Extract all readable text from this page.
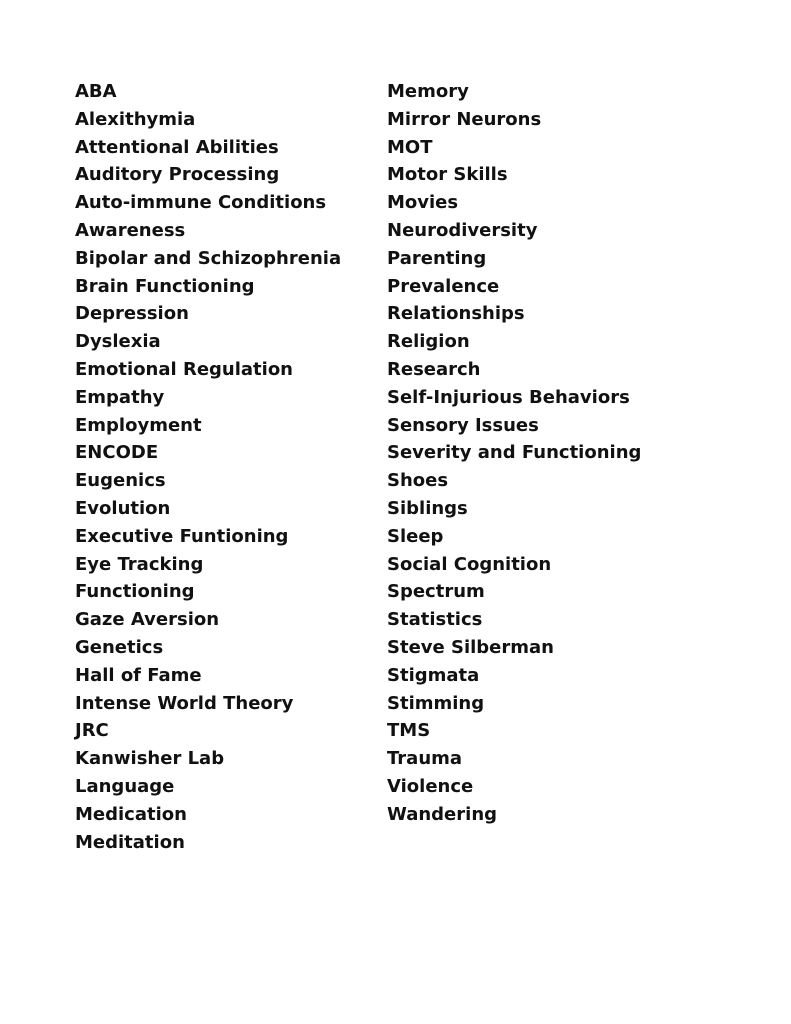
ABA
Alexithymia
Attentional Abilities
Auditory Processing
Auto-immune Conditions
Awareness
Bipolar and Schizophrenia
Brain Functioning
Depression
Dyslexia
Emotional Regulation
Empathy
Employment
ENCODE
Eugenics
Evolution
Executive Funtioning
Eye Tracking
Functioning
Gaze Aversion
Genetics
Hall of Fame
Intense World Theory
JRC
Kanwisher Lab
Language
Medication
Meditation
Memory
Mirror Neurons
MOT
Motor Skills
Movies
Neurodiversity
Parenting
Prevalence
Relationships
Religion
Research
Self-Injurious Behaviors
Sensory Issues
Severity and Functioning
Shoes
Siblings
Sleep
Social Cognition
Spectrum
Statistics
Steve Silberman
Stigmata
Stimming
TMS
Trauma
Violence
Wandering
